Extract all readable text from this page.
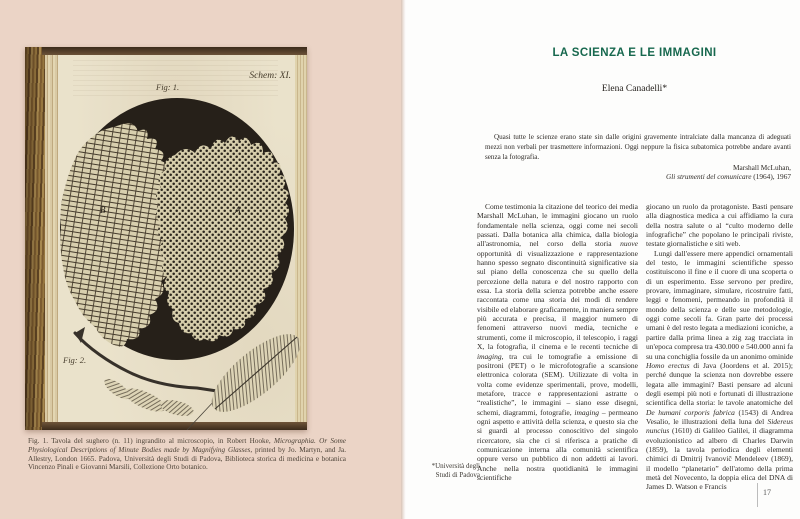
B	A
Schem: XI.
Fig: 1.
Fig: 2.
Fig. 1. Tavola del sughero (n. 11) ingrandito al microscopio, in Robert Hooke, Micrographia. Or Some Physiological Descriptions of Minute Bodies made by Magnifying Glasses, printed by Jo. Martyn, and Ja. Allestry, London 1665. Padova, Università degli Studi di Padova, Biblioteca storica di medicina e botanica Vincenzo Pinali e Giovanni Marsili, Collezione Orto botanico.
LA SCIENZA E LE IMMAGINI
Elena Canadelli*
Quasi tutte le scienze erano state sin dalle origini gravemente intralciate dalla mancanza di adeguati mezzi non verbali per trasmettere informazioni. Oggi neppure la fisica subatomica potrebbe andare avanti senza la fotografia.
Marshall McLuhan,
Gli strumenti del comunicare (1964), 1967

Come testimonia la citazione del teorico dei media Marshall McLuhan, le immagini giocano un ruolo fondamentale nella scienza, oggi come nei secoli passati. Dalla botanica alla chimica, dalla biologia all'astronomia, nel corso della storia nuove opportunità di visualizzazione e rappresentazione hanno spesso segnato discontinuità significative sia sul piano della conoscenza che su quello della percezione della natura e del nostro rapporto con essa. La storia della scienza potrebbe anche essere raccontata come una storia dei modi di rendere visibile ed elaborare graficamente, in maniera sempre più accurata e precisa, il maggior numero di fenomeni attraverso nuovi media, tecniche e strumenti, come il microscopio, il telescopio, i raggi X, la fotografia, il cinema e le recenti tecniche di imaging, tra cui le tomografie a emissione di positroni (PET) o le microfotografie a scansione elettronica colorata (SEM). Utilizzate di volta in volta come evidenze sperimentali, prove, modelli, metafore, tracce e rappresentazioni astratte o “realistiche”, le immagini – siano esse disegni, schemi, diagrammi, fotografie, imaging – permeano ogni aspetto e attività della scienza, e questo sia che si guardi al processo conoscitivo del singolo ricercatore, sia che ci si riferisca a pratiche di comunicazione interna alla comunità scientifica oppure verso un pubblico di non addetti ai lavori. Anche nella nostra quotidianità le immagini scientifiche

giocano un ruolo da protagoniste. Basti pensare alla diagnostica medica a cui affidiamo la cura della nostra salute o al “culto moderno delle infografiche” che popolano le principali riviste, testate giornalistiche e siti web.

Lungi dall'essere mere appendici ornamentali del testo, le immagini scientifiche spesso costituiscono il fine e il cuore di una scoperta o di un esperimento. Esse servono per predire, provare, immaginare, simulare, ricostruire fatti, leggi e fenomeni, permeando in profondità il mondo della scienza e delle sue metodologie, oggi come secoli fa. Gran parte dei processi umani è del resto legata a mediazioni iconiche, a partire dalla prima linea a zig zag tracciata in un'epoca compresa tra 430.000 e 540.000 anni fa su una conchiglia fossile da un anonimo ominide Homo erectus di Java (Joordens et al. 2015); perché dunque la scienza non dovrebbe essere legata alle immagini? Basti pensare ad alcuni degli esempi più noti e fortunati di illustrazione scientifica della storia: le tavole anatomiche del De humani corporis fabrica (1543) di Andrea Vesalio, le illustrazioni della luna del Sidereus nuncius (1610) di Galileo Galilei, il diagramma evoluzionistico ad albero di Charles Darwin (1859), la tavola periodica degli elementi chimici di Dmitrij Ivanovič Mendeleev (1869), il modello “planetario” dell'atomo della prima metà del Novecento, la doppia elica del DNA di James D. Watson e Francis

*Università degli
Studi di Padova
17
